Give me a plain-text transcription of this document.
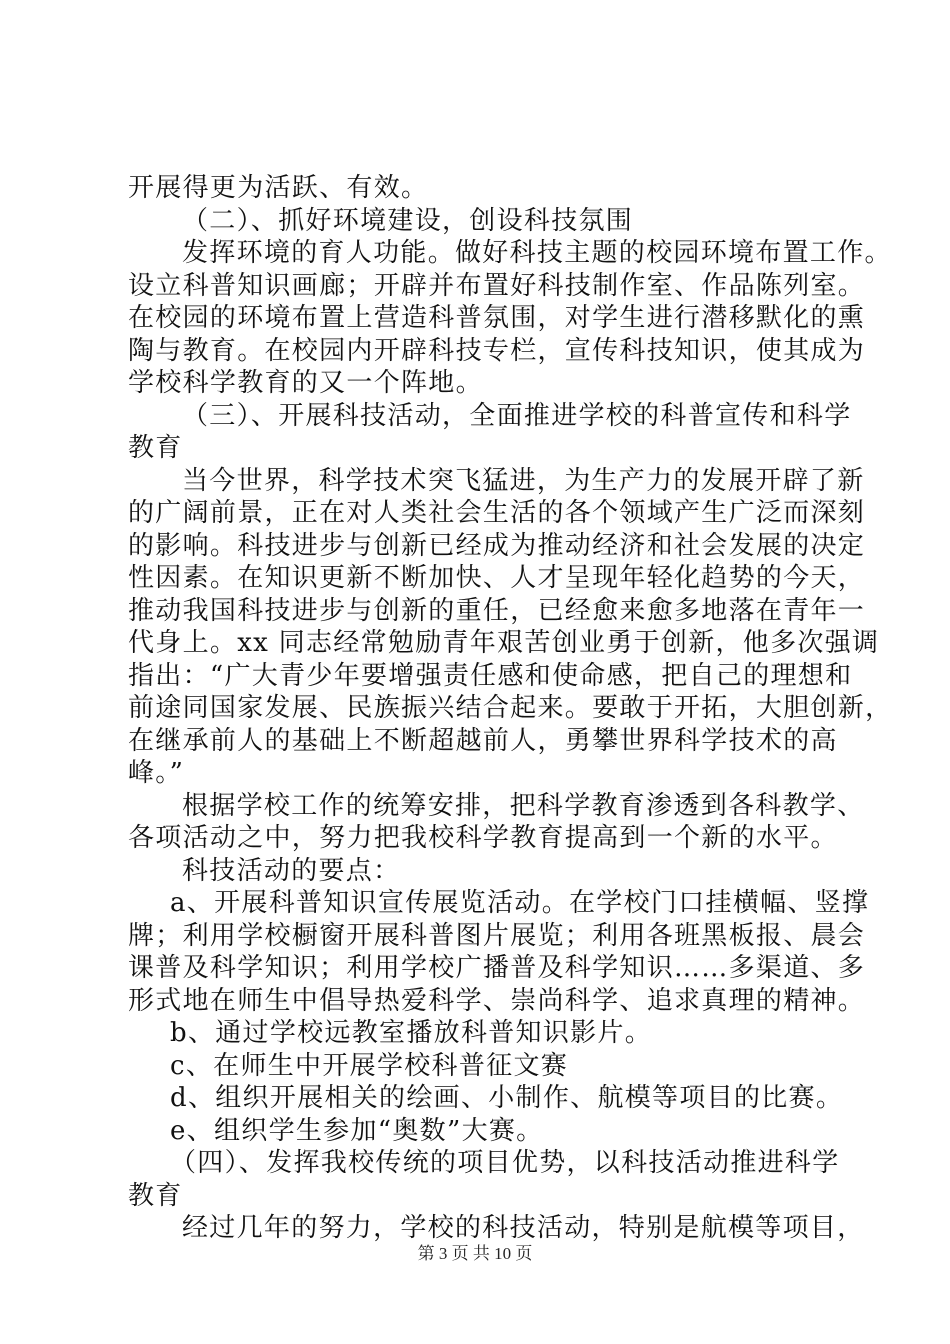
开展得更为活跃、有效。
（二）、抓好环境建设，创设科技氛围
发挥环境的育人功能。做好科技主题的校园环境布置工作。
设立科普知识画廊；开辟并布置好科技制作室、作品陈列室。
在校园的环境布置上营造科普氛围，对学生进行潜移默化的熏
陶与教育。在校园内开辟科技专栏，宣传科技知识，使其成为
学校科学教育的又一个阵地。
（三）、开展科技活动，全面推进学校的科普宣传和科学
教育
当今世界，科学技术突飞猛进，为生产力的发展开辟了新
的广阔前景，正在对人类社会生活的各个领域产生广泛而深刻
的影响。科技进步与创新已经成为推动经济和社会发展的决定
性因素。在知识更新不断加快、人才呈现年轻化趋势的今天，
推动我国科技进步与创新的重任，已经愈来愈多地落在青年一
代身上。xx 同志经常勉励青年艰苦创业勇于创新，他多次强调
指出：“广大青少年要增强责任感和使命感，把自己的理想和
前途同国家发展、民族振兴结合起来。要敢于开拓，大胆创新，
在继承前人的基础上不断超越前人，勇攀世界科学技术的高
峰。”
根据学校工作的统筹安排，把科学教育渗透到各科教学、
各项活动之中，努力把我校科学教育提高到一个新的水平。
科技活动的要点：
a、开展科普知识宣传展览活动。在学校门口挂横幅、竖撑
牌；利用学校橱窗开展科普图片展览；利用各班黑板报、晨会
课普及科学知识；利用学校广播普及科学知识……多渠道、多
形式地在师生中倡导热爱科学、崇尚科学、追求真理的精神。
b、通过学校远教室播放科普知识影片。
c、在师生中开展学校科普征文赛
d、组织开展相关的绘画、小制作、航模等项目的比赛。
e、组织学生参加“奥数”大赛。
（四）、发挥我校传统的项目优势，以科技活动推进科学
教育
经过几年的努力，学校的科技活动，特别是航模等项目，
第 3 页 共 10 页
